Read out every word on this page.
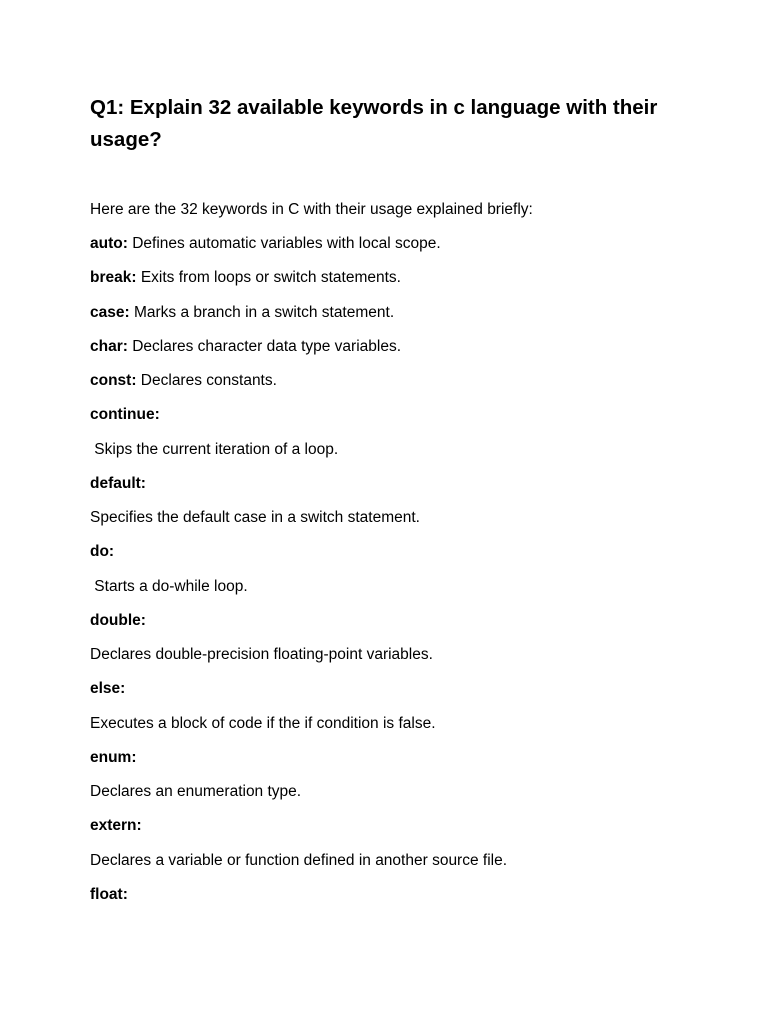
Q1: Explain 32 available keywords in c language with their usage?

Here are the 32 keywords in C with their usage explained briefly:

auto: Defines automatic variables with local scope.
break: Exits from loops or switch statements.
case: Marks a branch in a switch statement.
char: Declares character data type variables.
const: Declares constants.
continue:
Skips the current iteration of a loop.
default:
Specifies the default case in a switch statement.
do:
Starts a do-while loop.
double:
Declares double-precision floating-point variables.
else:
Executes a block of code if the if condition is false.
enum:
Declares an enumeration type.
extern:
Declares a variable or function defined in another source file.
float:
